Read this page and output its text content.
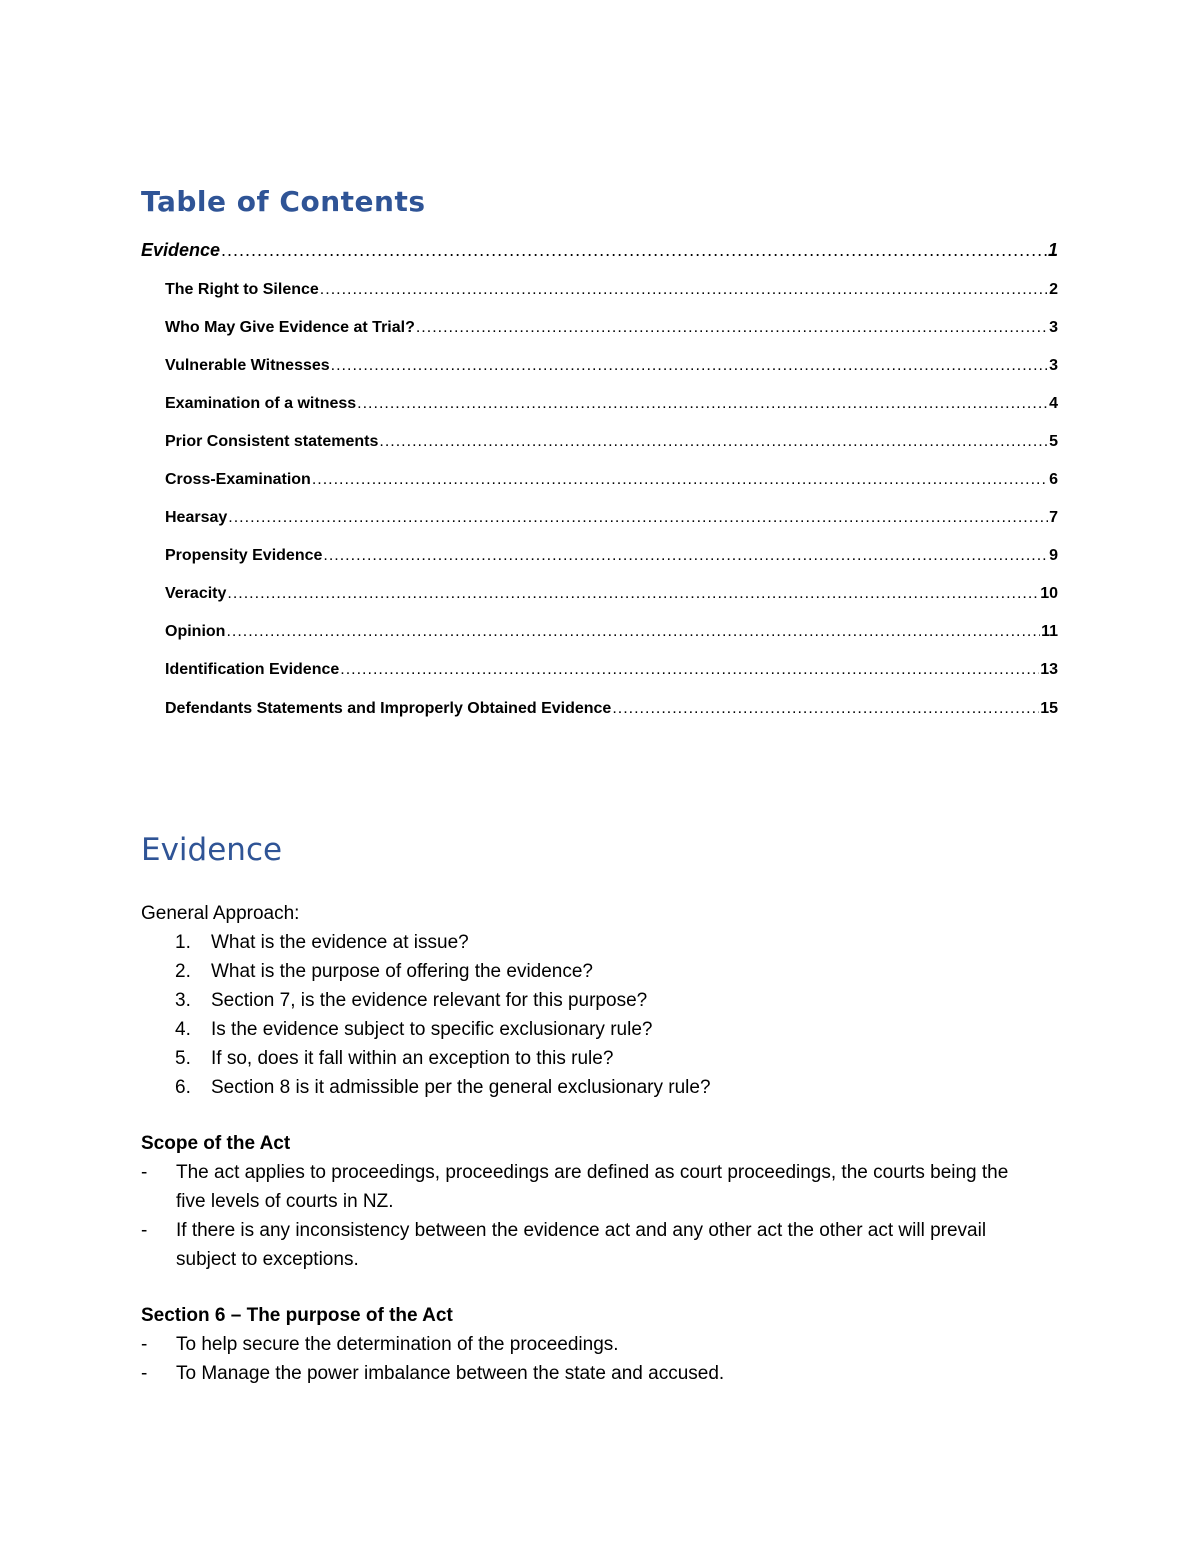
Table of Contents
Evidence .....	1
The Right to Silence .....	2
Who May Give Evidence at Trial? .....	3
Vulnerable Witnesses .....	3
Examination of a witness .....	4
Prior Consistent statements .....	5
Cross-Examination .....	6
Hearsay .....	7
Propensity Evidence .....	9
Veracity .....	10
Opinion .....	11
Identification Evidence .....	13
Defendants Statements and Improperly Obtained Evidence .....	15
Evidence
General Approach:
1.	What is the evidence at issue?
2.	What is the purpose of offering the evidence?
3.	Section 7, is the evidence relevant for this purpose?
4.	Is the evidence subject to specific exclusionary rule?
5.	If so, does it fall within an exception to this rule?
6.	Section 8 is it admissible per the general exclusionary rule?
Scope of the Act
-	The act applies to proceedings, proceedings are defined as court proceedings, the courts being the five levels of courts in NZ.
-	If there is any inconsistency between the evidence act and any other act the other act will prevail subject to exceptions.
Section 6 – The purpose of the Act
-	To help secure the determination of the proceedings.
-	To Manage the power imbalance between the state and accused.
